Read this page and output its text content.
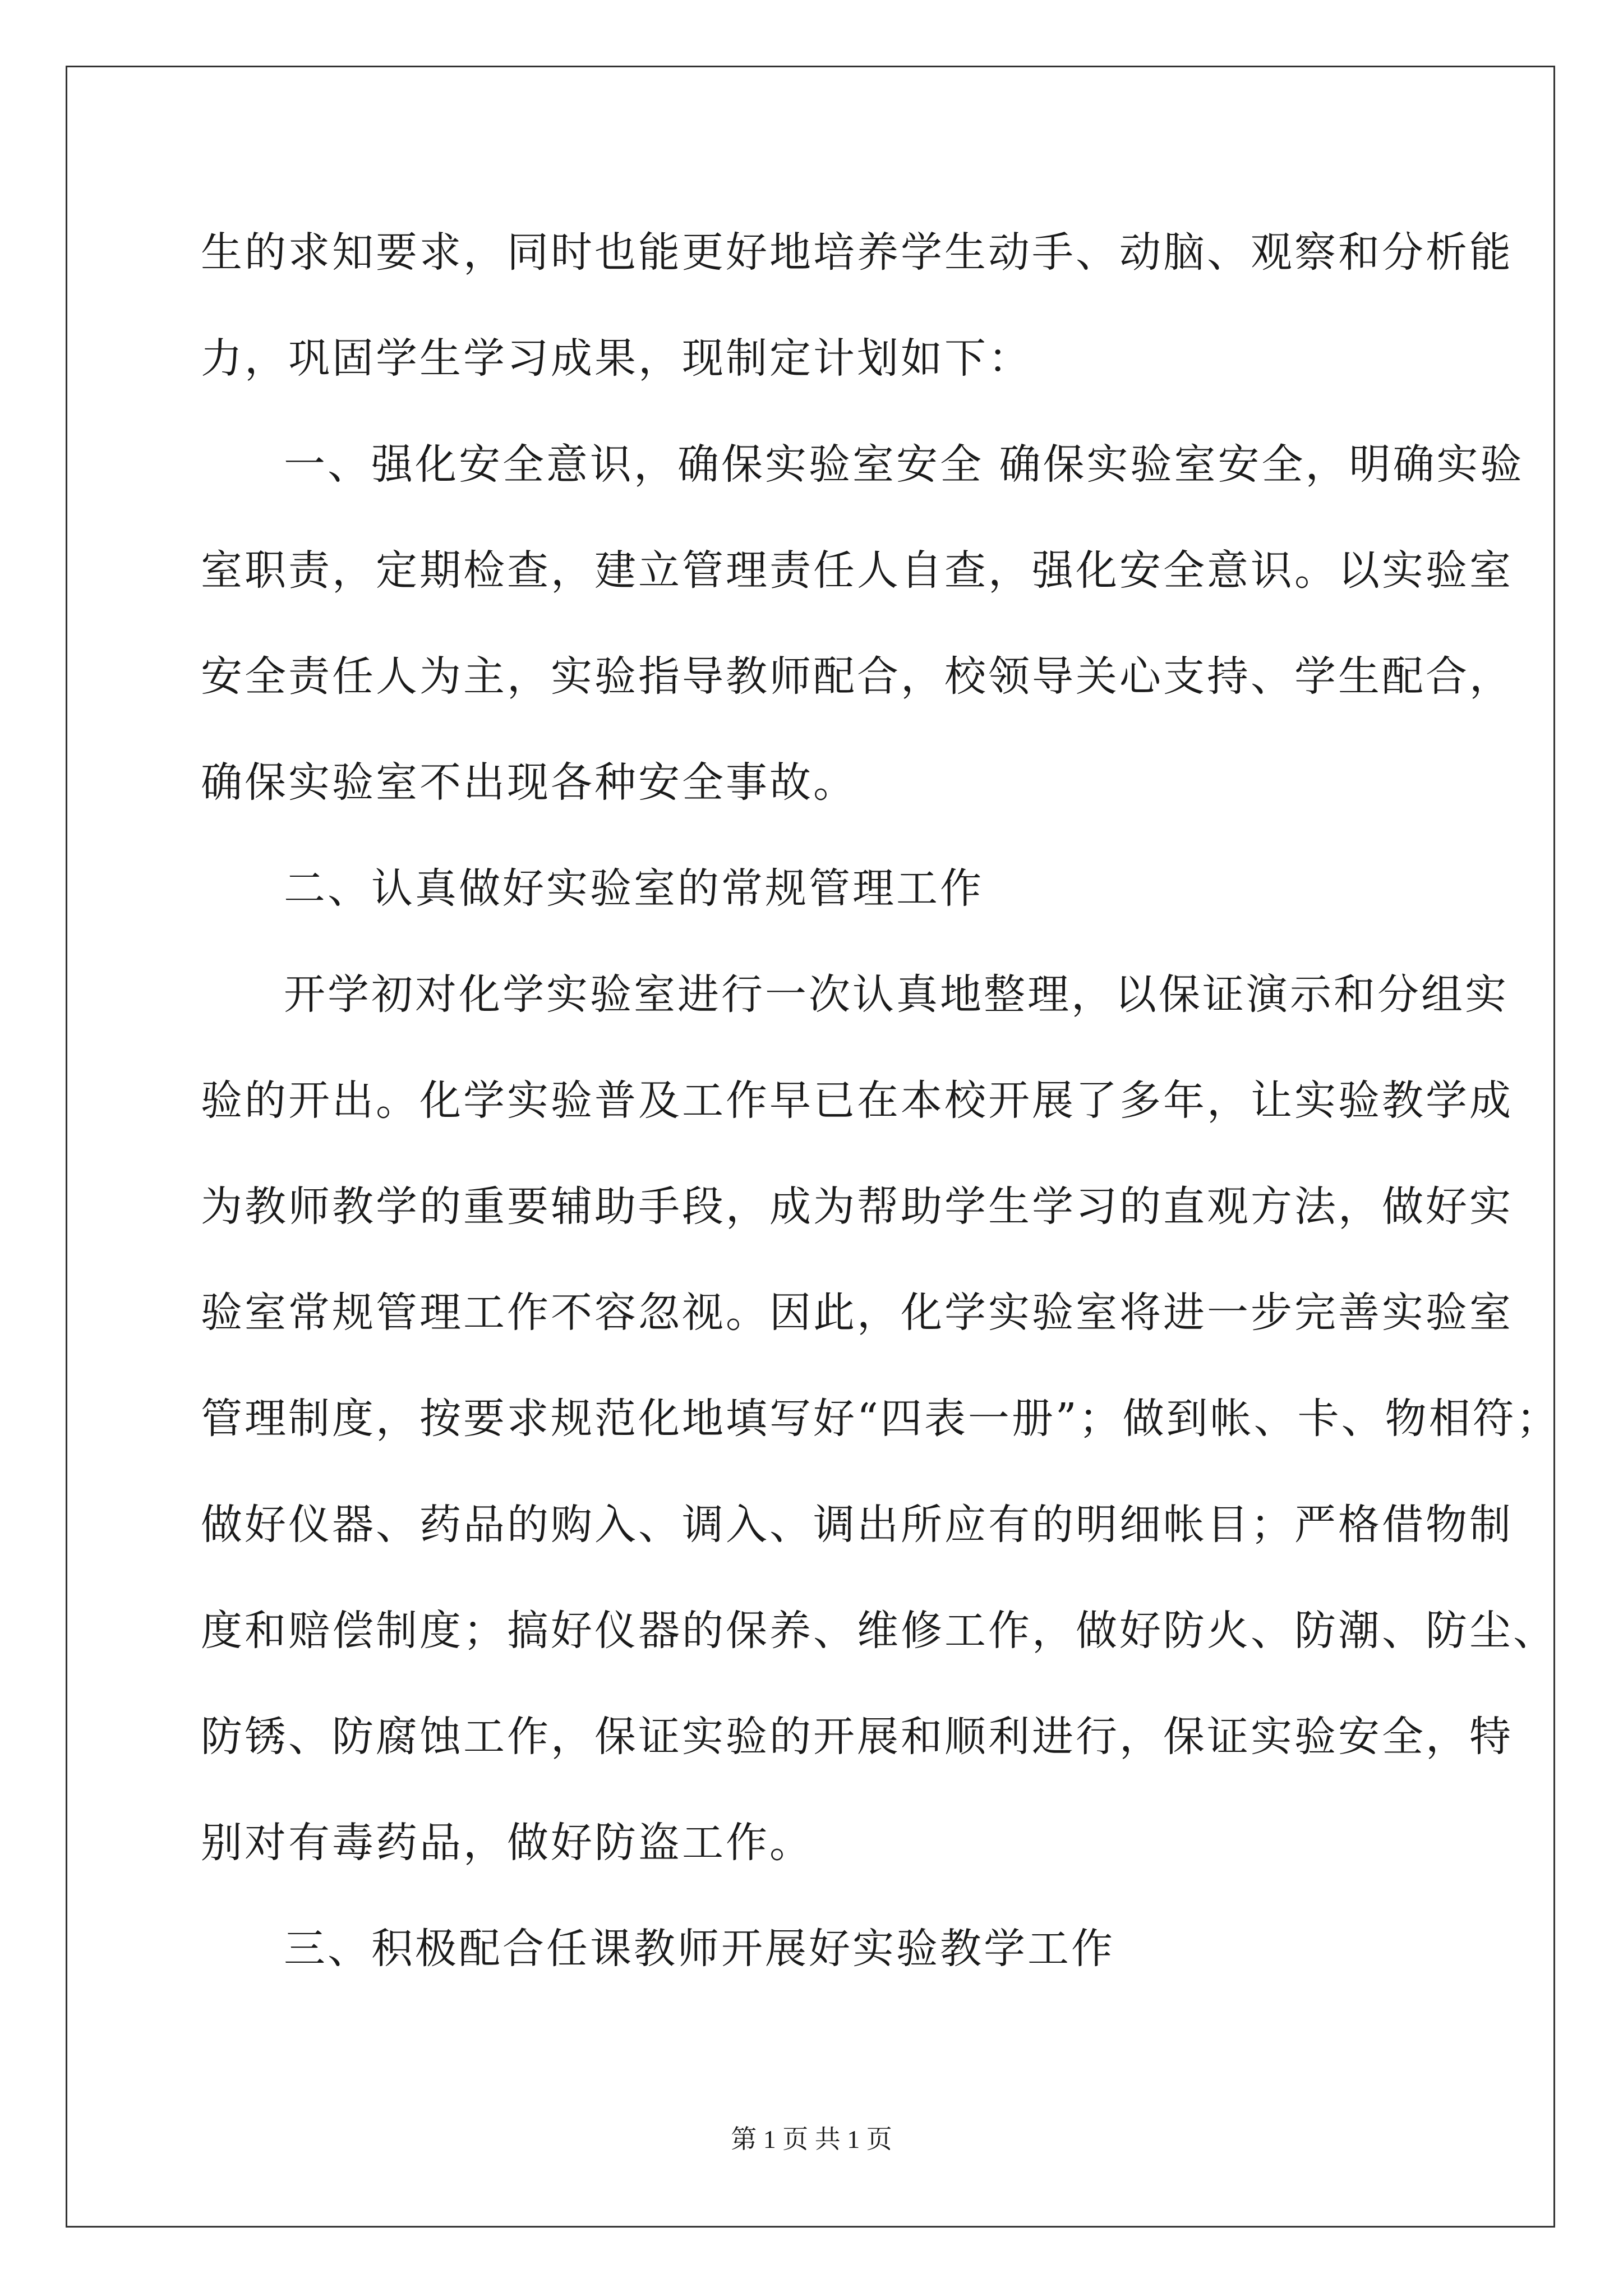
生的求知要求，同时也能更好地培养学生动手、动脑、观察和分析能
力，巩固学生学习成果，现制定计划如下：
一、强化安全意识，确保实验室安全 确保实验室安全，明确实验
室职责，定期检查，建立管理责任人自查，强化安全意识。以实验室
安全责任人为主，实验指导教师配合，校领导关心支持、学生配合，
确保实验室不出现各种安全事故。
二、认真做好实验室的常规管理工作
开学初对化学实验室进行一次认真地整理，以保证演示和分组实
验的开出。化学实验普及工作早已在本校开展了多年，让实验教学成
为教师教学的重要辅助手段，成为帮助学生学习的直观方法，做好实
验室常规管理工作不容忽视。因此，化学实验室将进一步完善实验室
管理制度，按要求规范化地填写好“四表一册”；做到帐、卡、物相符；
做好仪器、药品的购入、调入、调出所应有的明细帐目；严格借物制
度和赔偿制度；搞好仪器的保养、维修工作，做好防火、防潮、防尘、
防锈、防腐蚀工作，保证实验的开展和顺利进行，保证实验安全，特
别对有毒药品，做好防盗工作。
三、积极配合任课教师开展好实验教学工作
第 1 页 共 1 页
